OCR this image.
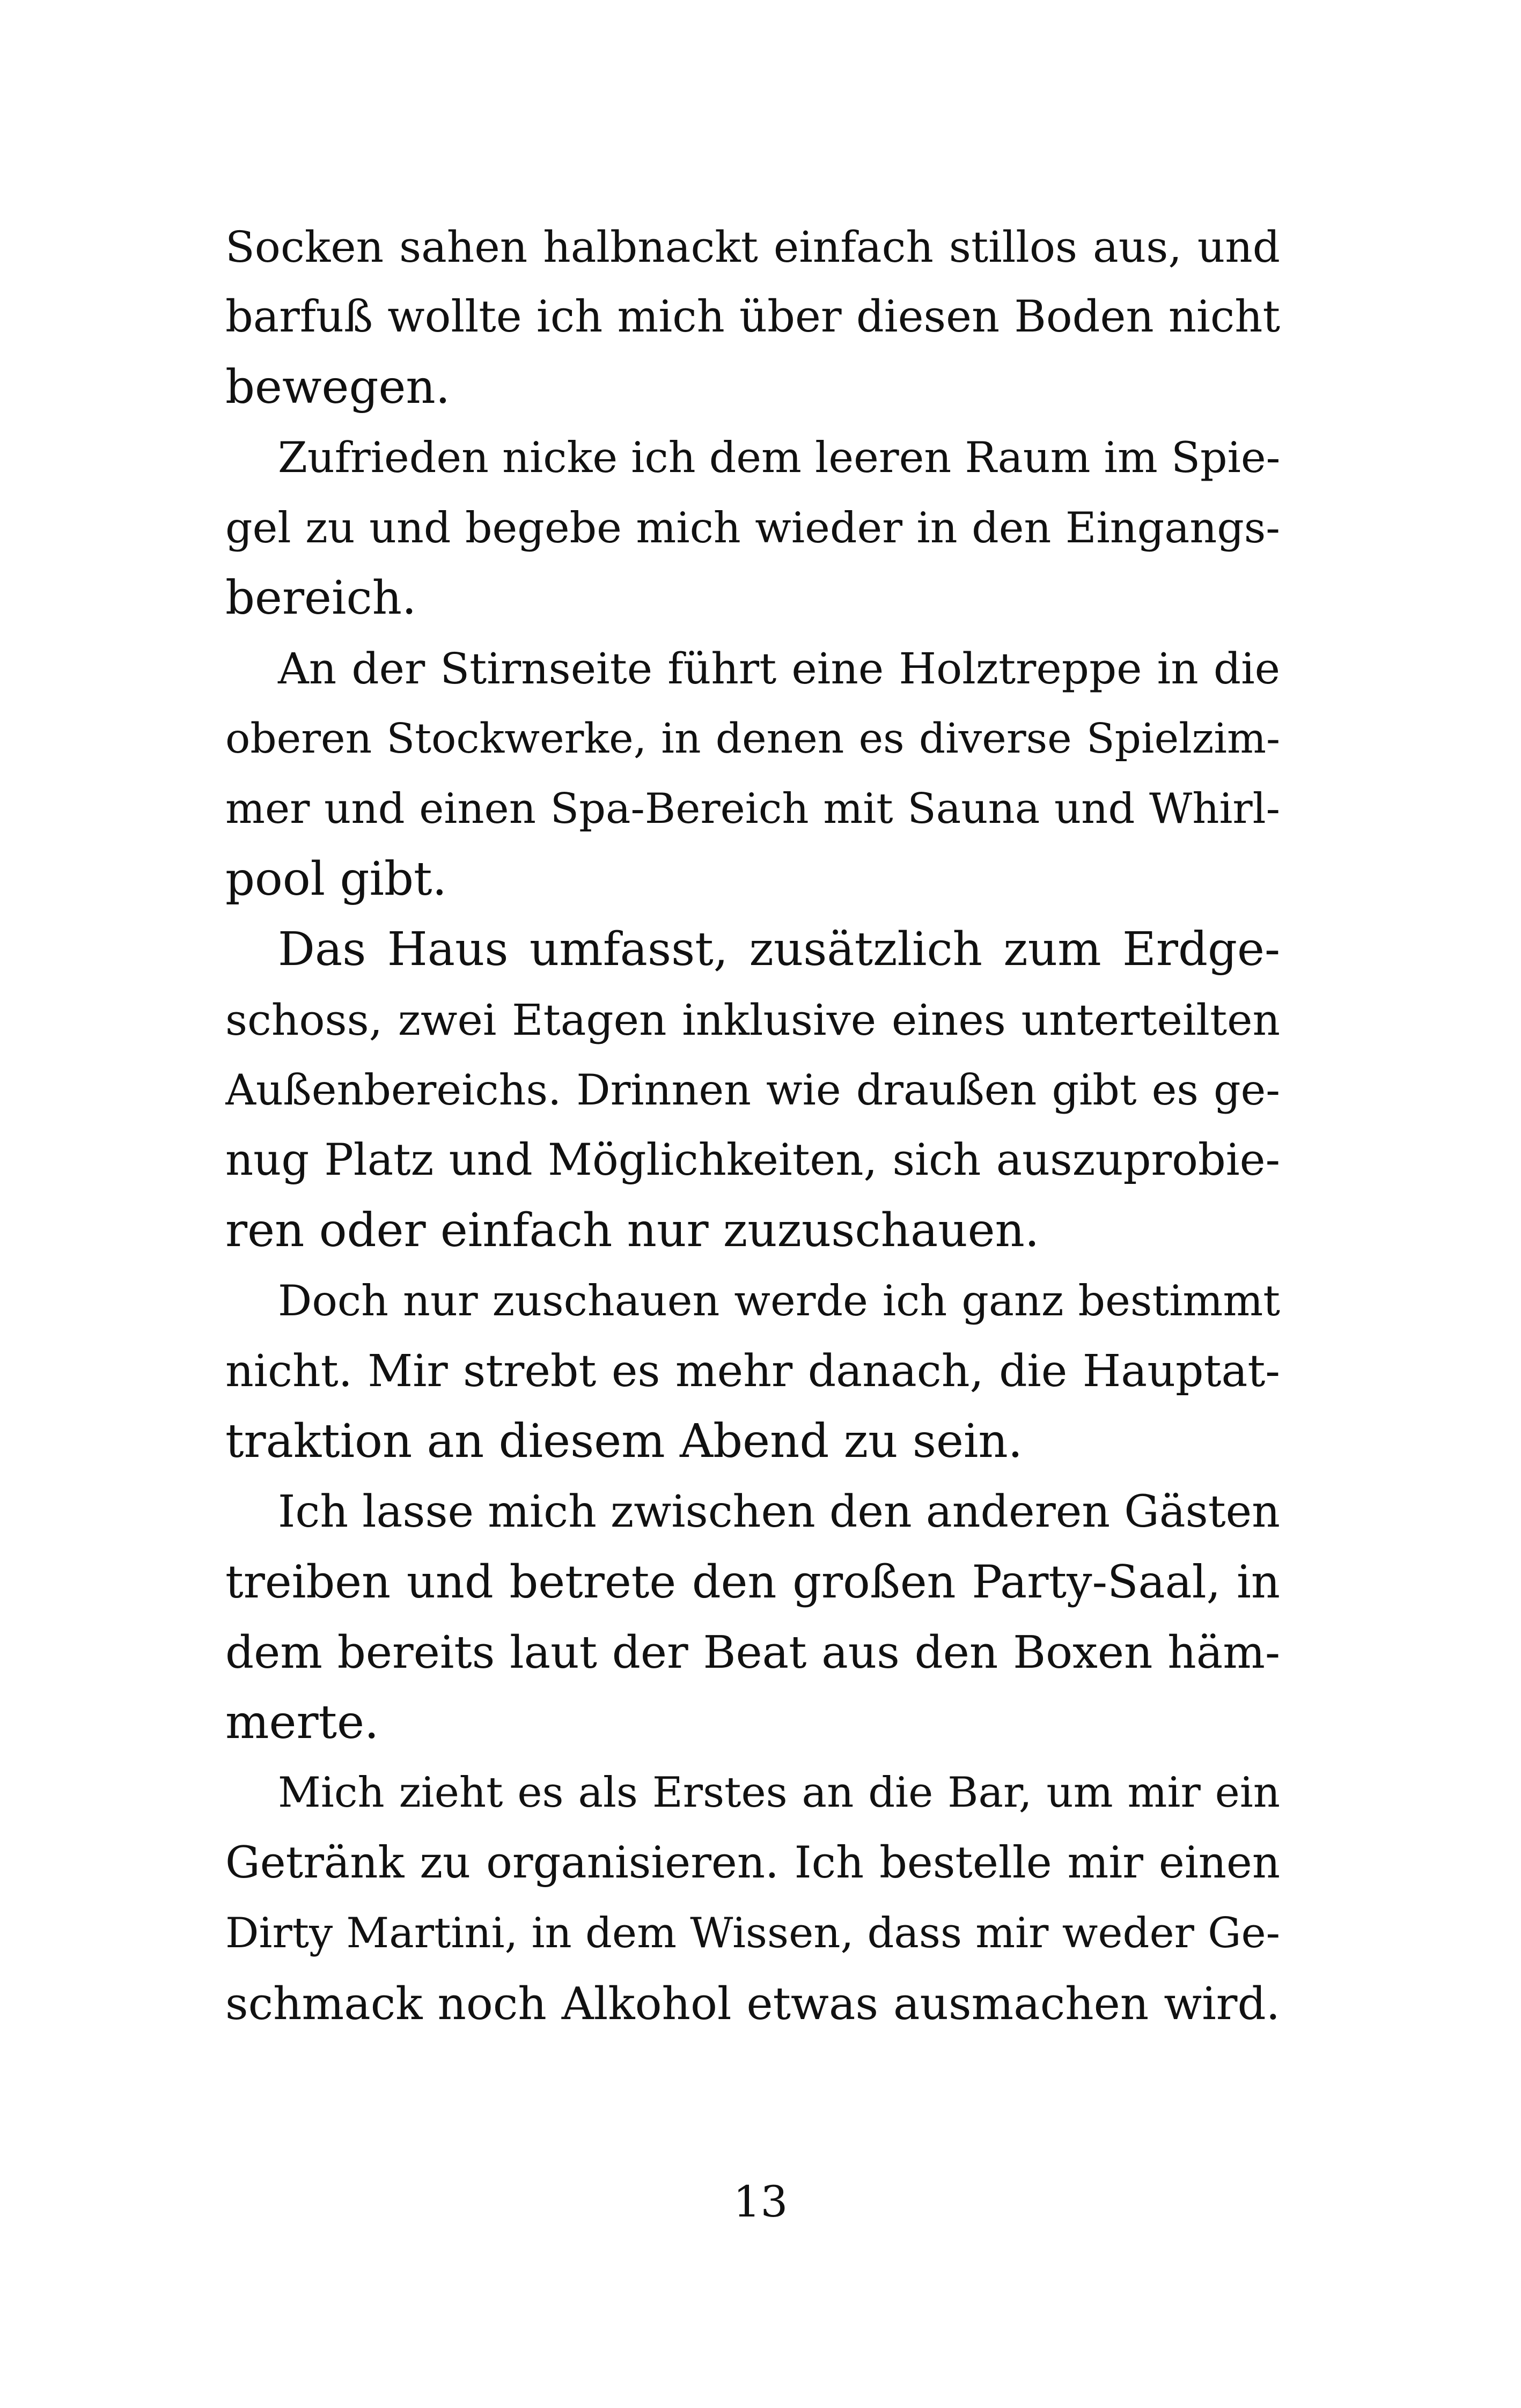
Socken sahen halbnackt einfach stillos aus, und
barfuß wollte ich mich über diesen Boden nicht
bewegen.
Zufrieden nicke ich dem leeren Raum im Spie-
gel zu und begebe mich wieder in den Eingangs-
bereich.
An der Stirnseite führt eine Holztreppe in die
oberen Stockwerke, in denen es diverse Spielzim-
mer und einen Spa-Bereich mit Sauna und Whirl-
pool gibt.
Das Haus umfasst, zusätzlich zum Erdge-
schoss, zwei Etagen inklusive eines unterteilten
Außenbereichs. Drinnen wie draußen gibt es ge-
nug Platz und Möglichkeiten, sich auszuprobie-
ren oder einfach nur zuzuschauen.
Doch nur zuschauen werde ich ganz bestimmt
nicht. Mir strebt es mehr danach, die Hauptat-
traktion an diesem Abend zu sein.
Ich lasse mich zwischen den anderen Gästen
treiben und betrete den großen Party-Saal, in
dem bereits laut der Beat aus den Boxen häm-
merte.
Mich zieht es als Erstes an die Bar, um mir ein
Getränk zu organisieren. Ich bestelle mir einen
Dirty Martini, in dem Wissen, dass mir weder Ge-
schmack noch Alkohol etwas ausmachen wird.
13
